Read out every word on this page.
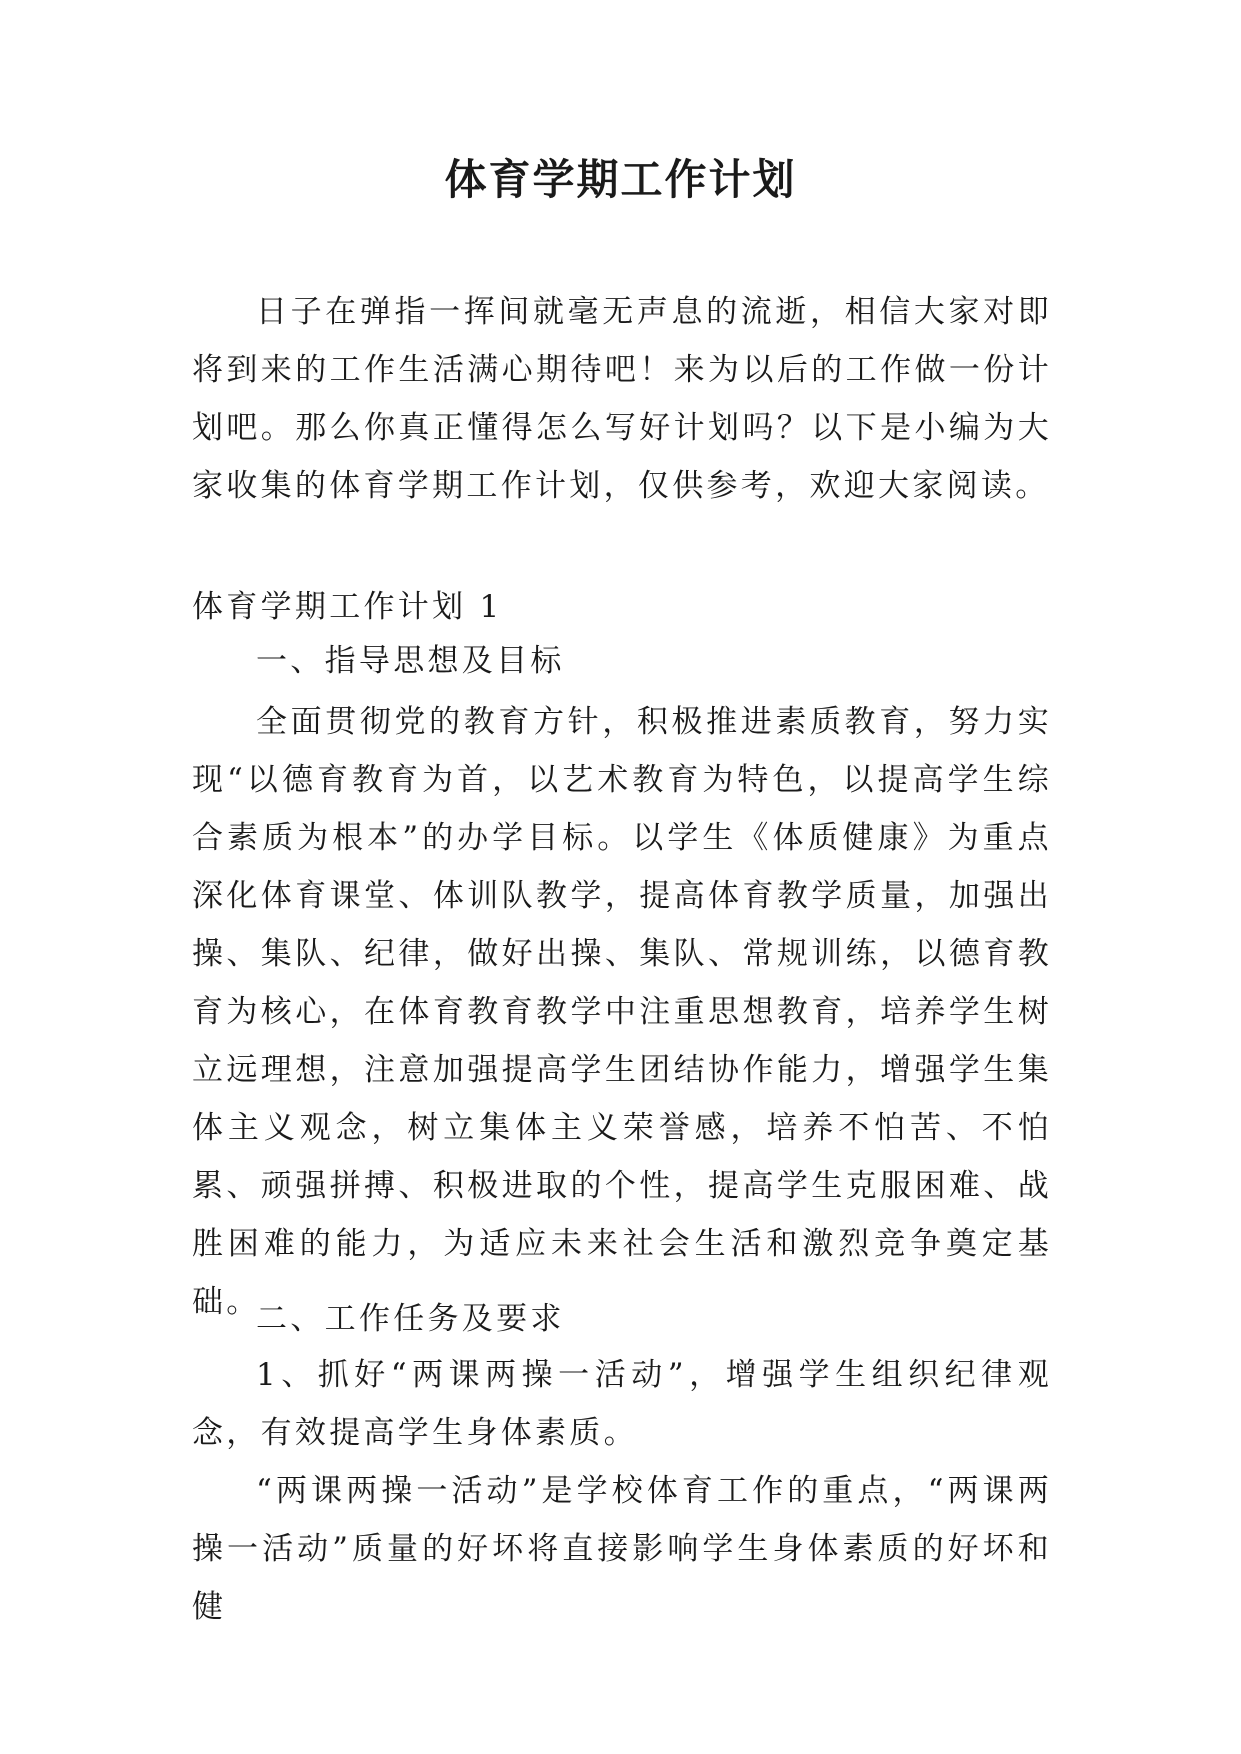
体育学期工作计划

日子在弹指一挥间就毫无声息的流逝，相信大家对即将到来的工作生活满心期待吧！来为以后的工作做一份计划吧。那么你真正懂得怎么写好计划吗？以下是小编为大家收集的体育学期工作计划，仅供参考，欢迎大家阅读。

体育学期工作计划 1

一、指导思想及目标

全面贯彻党的教育方针，积极推进素质教育，努力实现“以德育教育为首，以艺术教育为特色，以提高学生综合素质为根本”的办学目标。以学生《体质健康》为重点深化体育课堂、体训队教学，提高体育教学质量，加强出操、集队、纪律，做好出操、集队、常规训练，以德育教育为核心，在体育教育教学中注重思想教育，培养学生树立远理想，注意加强提高学生团结协作能力，增强学生集体主义观念，树立集体主义荣誉感，培养不怕苦、不怕累、顽强拼搏、积极进取的个性，提高学生克服困难、战胜困难的能力，为适应未来社会生活和激烈竞争奠定基础。

二、工作任务及要求

1、抓好“两课两操一活动”，增强学生组织纪律观念，有效提高学生身体素质。

“两课两操一活动”是学校体育工作的重点，“两课两操一活动”质量的好坏将直接影响学生身体素质的好坏和健
